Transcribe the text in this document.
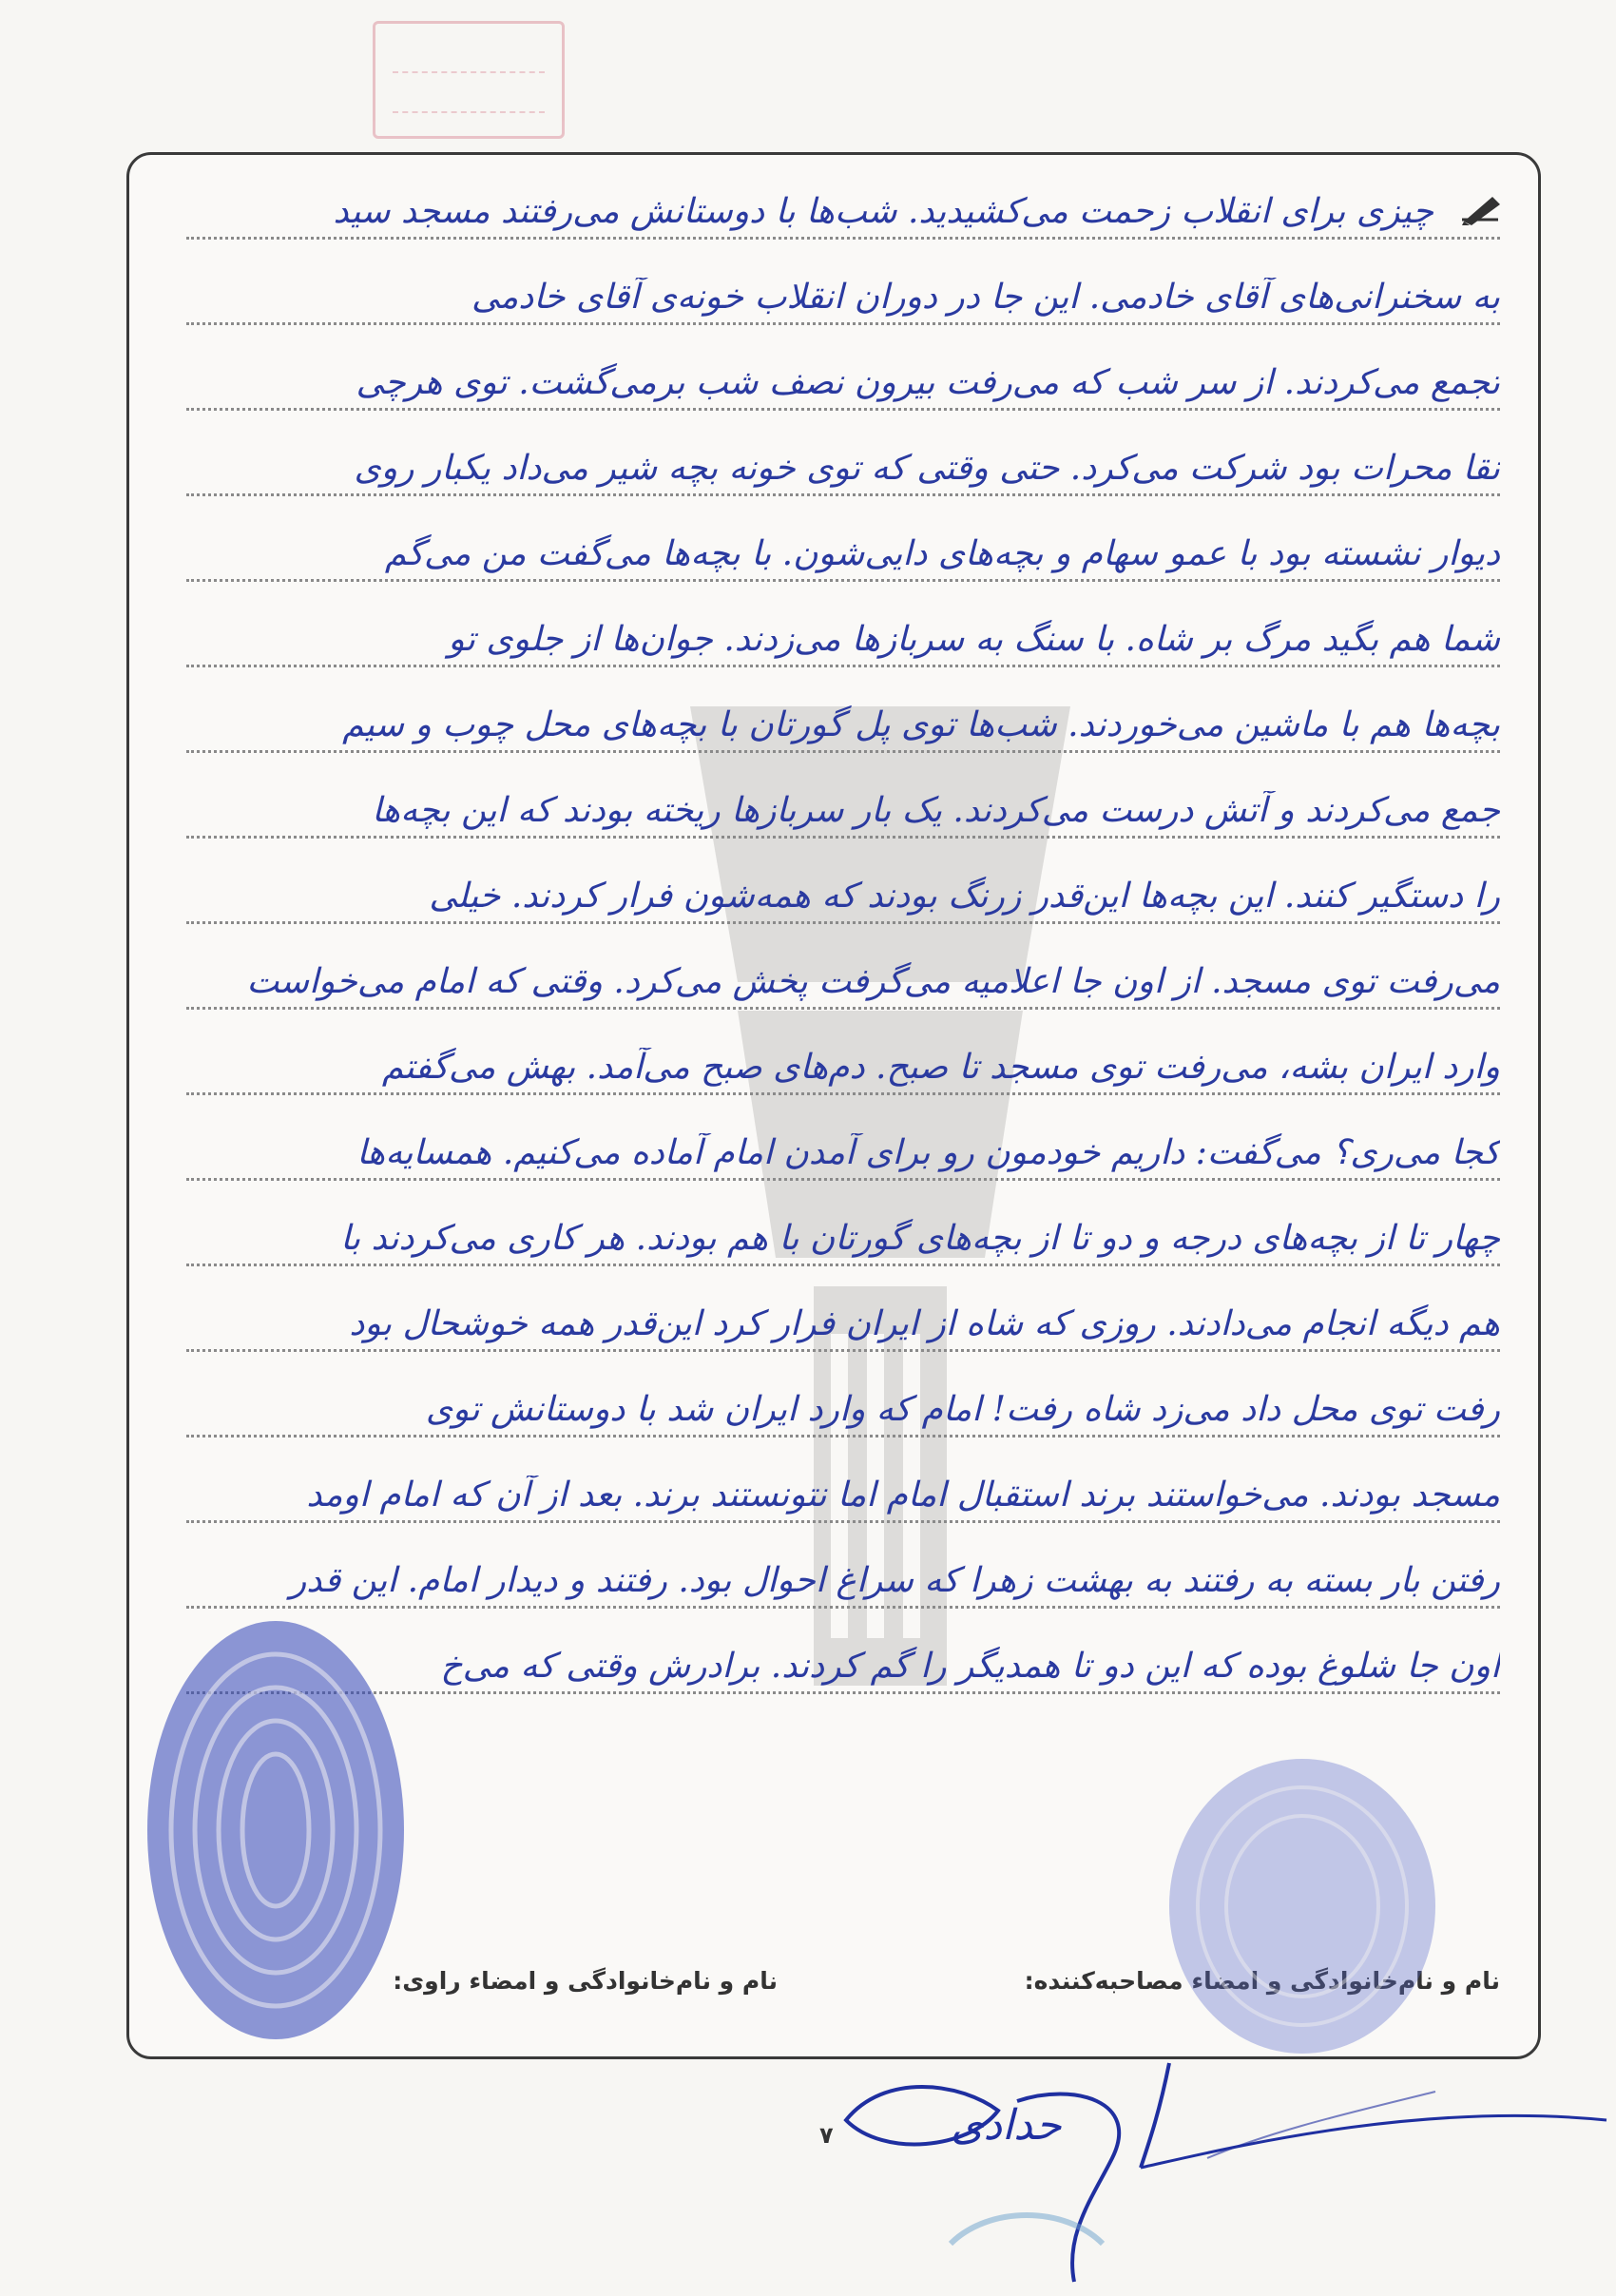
چیزی برای انقلاب زحمت می‌کشیدید. شب‌ها با دوستانش می‌رفتند مسجد سید
به سخنرانی‌های آقای خادمی. این جا در دوران انقلاب خونه‌ی آقای خادمی
تجمع می‌کردند. از سر شب که می‌رفت بیرون نصف شب برمی‌گشت. توی هرچی
نقا محرات بود شرکت می‌کرد. حتی وقتی که توی خونه بچه شیر می‌داد یکبار روی
دیوار نشسته بود با عمو سهام و بچه‌های دایی‌شون. با بچه‌ها می‌گفت من می‌گم
شما هم بگید مرگ بر شاه. با سنگ به سربازها می‌زدند. جوان‌ها از جلوی تو
بچه‌ها هم با ماشین می‌خوردند. شب‌ها توی پل گورتان با بچه‌های محل چوب و سیم
جمع می‌کردند و آتش درست می‌کردند. یک بار سربازها ریخته بودند که این بچه‌ها
را دستگیر کنند. این بچه‌ها این‌قدر زرنگ بودند که همه‌شون فرار کردند. خیلی
می‌رفت توی مسجد. از اون جا اعلامیه می‌گرفت پخش می‌کرد. وقتی که امام می‌خواست
وارد ایران بشه، می‌رفت توی مسجد تا صبح. دم‌های صبح می‌آمد. بهش می‌گفتم
کجا می‌ری؟ می‌گفت: داریم خودمون رو برای آمدن امام آماده می‌کنیم. همسایه‌ها
چهار تا از بچه‌های درجه و دو تا از بچه‌های گورتان با هم بودند. هر کاری می‌کردند با
هم دیگه انجام می‌دادند. روزی که شاه از ایران فرار کرد این‌قدر همه خوشحال بود
رفت توی محل داد می‌زد شاه رفت! امام که وارد ایران شد با دوستانش توی
مسجد بودند. می‌خواستند برند استقبال امام اما نتونستند برند. بعد از آن که امام اومد
رفتن بار بسته به رفتند به بهشت زهرا که سراغ احوال بود. رفتند و دیدار امام. این قدر
اون جا شلوغ بوده که این دو تا همدیگر را گم کردند. برادرش وقتی که می‌خ
نام و نام‌خانوادگی و امضاء مصاحبه‌کننده:
نام و نام‌خانوادگی و امضاء راوی:
حدادی
۷
